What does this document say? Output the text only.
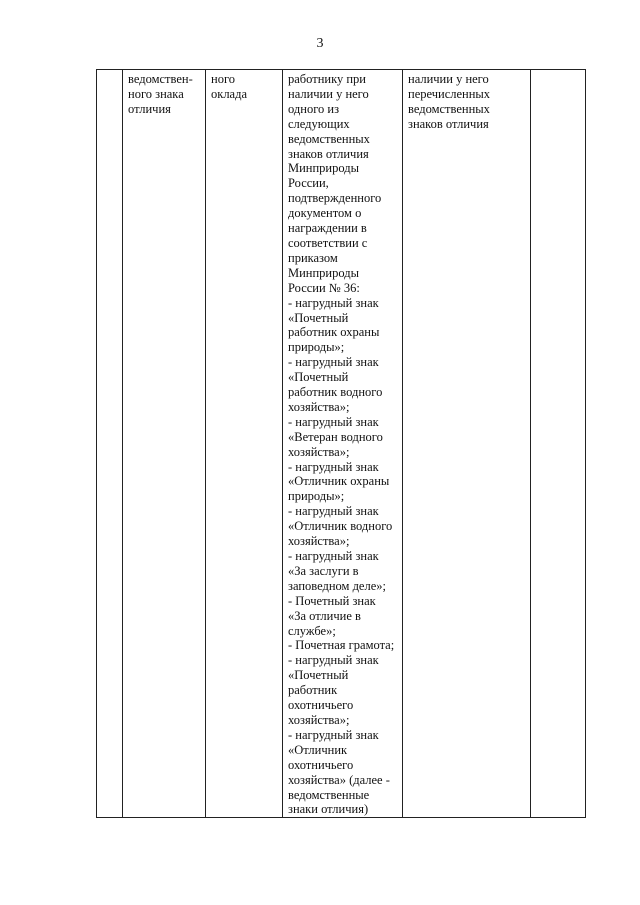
3

ведомствен-
ного знака
отличия

ного
оклада

работнику при
наличии у него
одного из
следующих
ведомственных
знаков отличия
Минприроды
России,
подтвержденного
документом о
награждении в
соответствии с
приказом
Минприроды
России № 36:
- нагрудный знак
«Почетный
работник охраны
природы»;
- нагрудный знак
«Почетный
работник водного
хозяйства»;
- нагрудный знак
«Ветеран водного
хозяйства»;
- нагрудный знак
«Отличник охраны
природы»;
- нагрудный знак
«Отличник водного
хозяйства»;
- нагрудный знак
«За заслуги в
заповедном деле»;
- Почетный знак
«За отличие в
службе»;
- Почетная грамота;
- нагрудный знак
«Почетный
работник
охотничьего
хозяйства»;
- нагрудный знак
«Отличник
охотничьего
хозяйства» (далее -
ведомственные
знаки отличия)

наличии у него
перечисленных
ведомственных
знаков отличия
